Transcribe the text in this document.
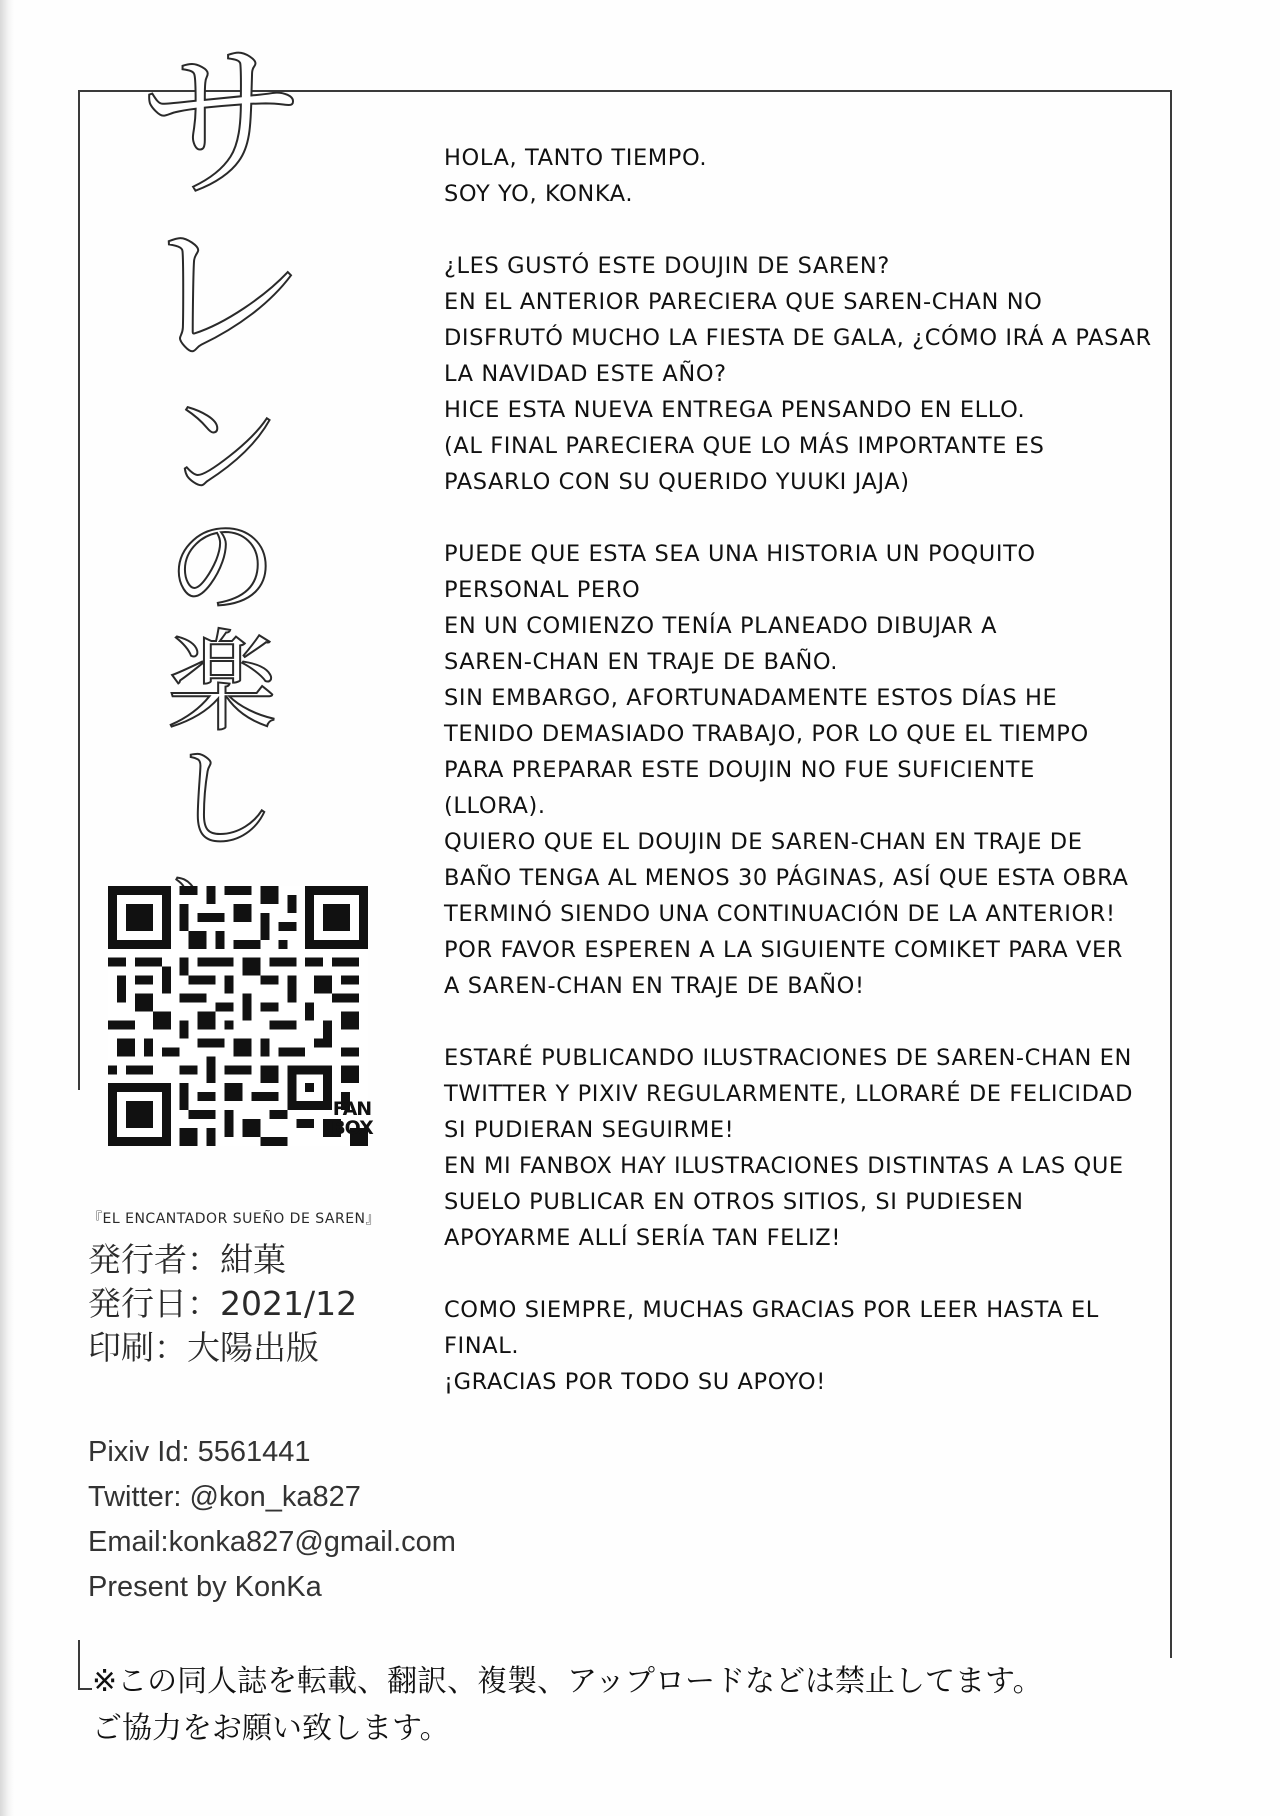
サ
レ
ン
の
楽
し
HOLA, TANTO TIEMPO.
SOY YO, KONKA.
¿LES GUSTÓ ESTE DOUJIN DE SAREN?
EN EL ANTERIOR PARECIERA QUE SAREN-CHAN NO
DISFRUTÓ MUCHO LA FIESTA DE GALA, ¿CÓMO IRÁ A PASAR
LA NAVIDAD ESTE AÑO?
HICE ESTA NUEVA ENTREGA PENSANDO EN ELLO.
(AL FINAL PARECIERA QUE LO MÁS IMPORTANTE ES
PASARLO CON SU QUERIDO YUUKI JAJA)
PUEDE QUE ESTA SEA UNA HISTORIA UN POQUITO
PERSONAL PERO
EN UN COMIENZO TENÍA PLANEADO DIBUJAR A
SAREN-CHAN EN TRAJE DE BAÑO.
SIN EMBARGO, AFORTUNADAMENTE ESTOS DÍAS HE
TENIDO DEMASIADO TRABAJO, POR LO QUE EL TIEMPO
PARA PREPARAR ESTE DOUJIN NO FUE SUFICIENTE
(LLORA).
QUIERO QUE EL DOUJIN DE SAREN-CHAN EN TRAJE DE
BAÑO TENGA AL MENOS 30 PÁGINAS, ASÍ QUE ESTA OBRA
TERMINÓ SIENDO UNA CONTINUACIÓN DE LA ANTERIOR!
POR FAVOR ESPEREN A LA SIGUIENTE COMIKET PARA VER
A SAREN-CHAN EN TRAJE DE BAÑO!
ESTARÉ PUBLICANDO ILUSTRACIONES DE SAREN-CHAN EN
TWITTER Y PIXIV REGULARMENTE, LLORARÉ DE FELICIDAD
SI PUDIERAN SEGUIRME!
EN MI FANBOX HAY ILUSTRACIONES DISTINTAS A LAS QUE
SUELO PUBLICAR EN OTROS SITIOS, SI PUDIESEN
APOYARME ALLÍ SERÍA TAN FELIZ!
COMO SIEMPRE, MUCHAS GRACIAS POR LEER HASTA EL
FINAL.
¡GRACIAS POR TODO SU APOYO!
FAN
BOX
『EL ENCANTADOR SUEÑO DE SAREN』
発行者：紺菓
発行日：2021/12
印刷：大陽出版
Pixiv Id: 5561441
Twitter: @kon_ka827
Email:konka827@gmail.com
Present by KonKa
※この同人誌を転載、翻訳、複製、アップロードなどは禁止してます。
ご協力をお願い致します。
